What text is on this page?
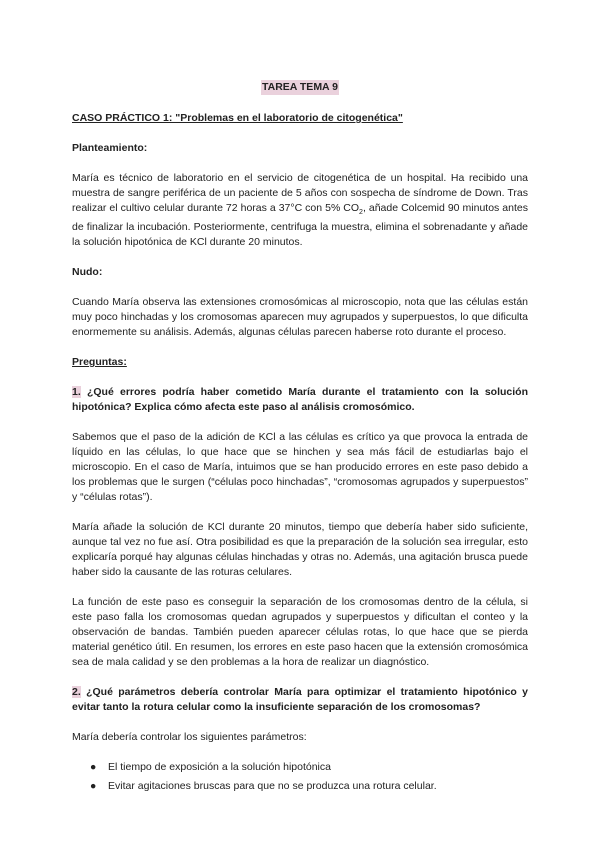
TAREA TEMA 9
CASO PRÁCTICO 1: "Problemas en el laboratorio de citogenética"
Planteamiento:

María es técnico de laboratorio en el servicio de citogenética de un hospital. Ha recibido una muestra de sangre periférica de un paciente de 5 años con sospecha de síndrome de Down. Tras realizar el cultivo celular durante 72 horas a 37°C con 5% $CO_2$, añade Colcemid 90 minutos antes de finalizar la incubación. Posteriormente, centrifuga la muestra, elimina el sobrenadante y añade la solución hipotónica de KCl durante 20 minutos.

Nudo:

Cuando María observa las extensiones cromosómicas al microscopio, nota que las células están muy poco hinchadas y los cromosomas aparecen muy agrupados y superpuestos, lo que dificulta enormemente su análisis. Además, algunas células parecen haberse roto durante el proceso.

Preguntas:
1. ¿Qué errores podría haber cometido María durante el tratamiento con la solución hipotónica? Explica cómo afecta este paso al análisis cromosómico.

Sabemos que el paso de la adición de KCl a las células es crítico ya que provoca la entrada de líquido en las células, lo que hace que se hinchen y sea más fácil de estudiarlas bajo el microscopio. En el caso de María, intuimos que se han producido errores en este paso debido a los problemas que le surgen (“células poco hinchadas”, “cromosomas agrupados y superpuestos” y “células rotas”).

María añade la solución de KCl durante 20 minutos, tiempo que debería haber sido suficiente, aunque tal vez no fue así. Otra posibilidad es que la preparación de la solución sea irregular, esto explicaría porqué hay algunas células hinchadas y otras no. Además, una agitación brusca puede haber sido la causante de las roturas celulares.

La función de este paso es conseguir la separación de los cromosomas dentro de la célula, si este paso falla los cromosomas quedan agrupados y superpuestos y dificultan el conteo y la observación de bandas. También pueden aparecer células rotas, lo que hace que se pierda material genético útil. En resumen, los errores en este paso hacen que la extensión cromosómica sea de mala calidad y se den problemas a la hora de realizar un diagnóstico.

2. ¿Qué parámetros debería controlar María para optimizar el tratamiento hipotónico y evitar tanto la rotura celular como la insuficiente separación de los cromosomas?

María debería controlar los siguientes parámetros:

● El tiempo de exposición a la solución hipotónica
● Evitar agitaciones bruscas para que no se produzca una rotura celular.
